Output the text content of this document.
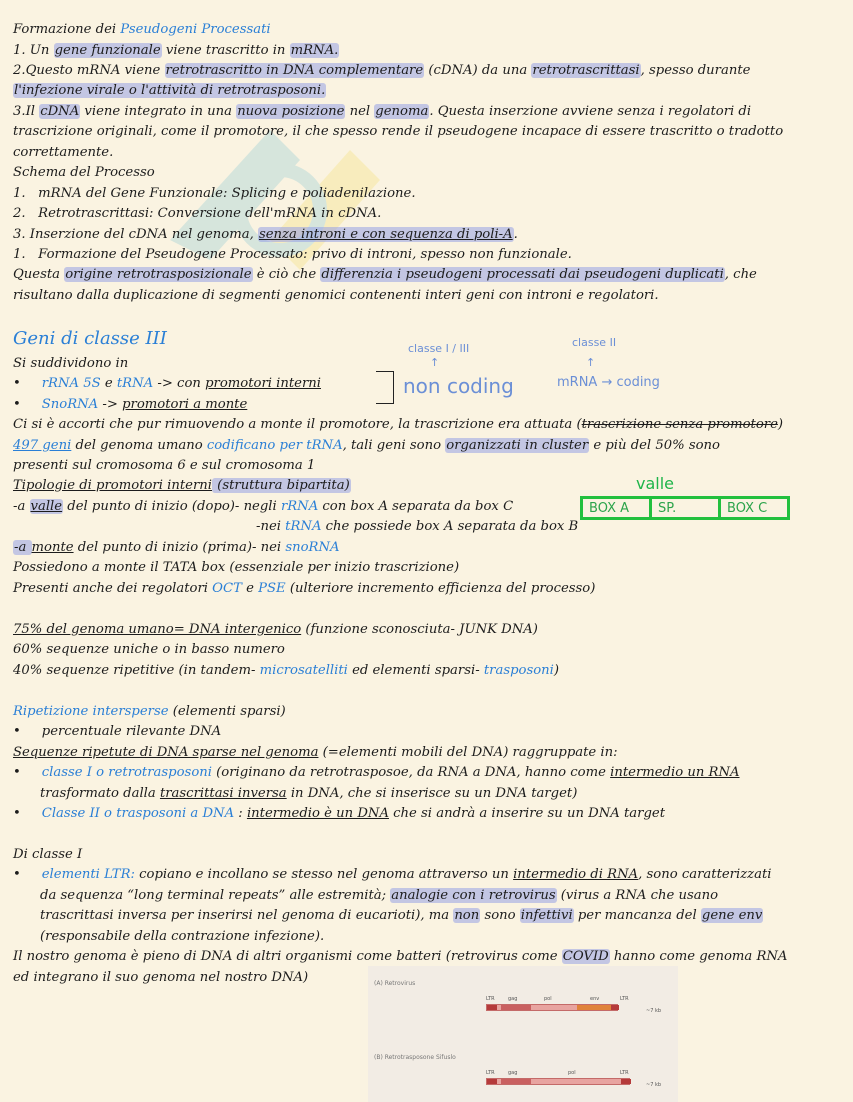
Formazione dei Pseudogeni Processati
1. Un gene funzionale viene trascritto in mRNA.
2.Questo mRNA viene retrotrascritto in DNA complementare (cDNA) da una retrotrascrittasi, spesso durante
l'infezione virale o l'attività di retrotrasposoni.
3.Il cDNA viene integrato in una nuova posizione nel genoma. Questa inserzione avviene senza i regolatori di
trascrizione originali, come il promotore, il che spesso rende il pseudogene incapace di essere trascritto o tradotto
correttamente.
Schema del Processo
1. mRNA del Gene Funzionale: Splicing e poliadenilazione.
2. Retrotrascrittasi: Conversione dell'mRNA in cDNA.
3. Inserzione del cDNA nel genoma, senza introni e con sequenza di poli-A.
1. Formazione del Pseudogene Processato: privo di introni, spesso non funzionale.
Questa origine retrotrasposizionale è ciò che differenzia i pseudogeni processati dai pseudogeni duplicati, che
risultano dalla duplicazione di segmenti genomici contenenti interi geni con introni e regolatori.
Geni di classe III
Si suddividono in
•     rRNA 5S e tRNA -> con promotori interni
•     SnoRNA -> promotori a monte
classe I / III	classe II
↑	↑
non coding	mRNA → coding
Ci si è accorti che pur rimuovendo a monte il promotore, la trascrizione era attuata (trascrizione senza promotore)
497 geni del genoma umano codificano per tRNA, tali geni sono organizzati in cluster e più del 50% sono
presenti sul cromosoma 6 e sul cromosoma 1
Tipologie di promotori interni (struttura bipartita)
-a valle del punto di inizio (dopo)- negli rRNA con box A separata da box C
-nei tRNA che possiede box A separata da box B
valle
BOX A	SP.	BOX C
-a monte del punto di inizio (prima)- nei snoRNA
Possiedono a monte il TATA box (essenziale per inizio trascrizione)
Presenti anche dei regolatori OCT e PSE (ulteriore incremento efficienza del processo)
75% del genoma umano= DNA intergenico (funzione sconosciuta- JUNK DNA)
60% sequenze uniche o in basso numero
40% sequenze ripetitive (in tandem- microsatelliti ed elementi sparsi- trasposoni)
Ripetizione intersperse (elementi sparsi)
•     percentuale rilevante DNA
Sequenze ripetute di DNA sparse nel genoma (=elementi mobili del DNA) raggruppate in:
•     classe I o retrotrasposoni (originano da retrotrasposoe, da RNA a DNA, hanno come intermedio un RNA
trasformato dalla trascrittasi inversa in DNA, che si inserisce su un DNA target)
•     Classe II o trasposoni a DNA : intermedio è un DNA che si andrà a inserire su un DNA target
Di classe I
•     elementi LTR: copiano e incollano se stesso nel genoma attraverso un intermedio di RNA, sono caratterizzati
da sequenza “long terminal repeats” alle estremità; analogie con i retrovirus (virus a RNA che usano
trascrittasi inversa per inserirsi nel genoma di eucarioti), ma non sono infettivi per mancanza del gene env
(responsabile della contrazione infezione).
Il nostro genoma è pieno di DNA di altri organismi come batteri (retrovirus come COVID hanno come genoma RNA
ed integrano il suo genoma nel nostro DNA)	(A) Retrovirus
LTR	gag	pol	env	LTR
~7 kb
(B) Retrotrasposone Sifuslo
LTR	gag	pol	LTR
~7 kb
